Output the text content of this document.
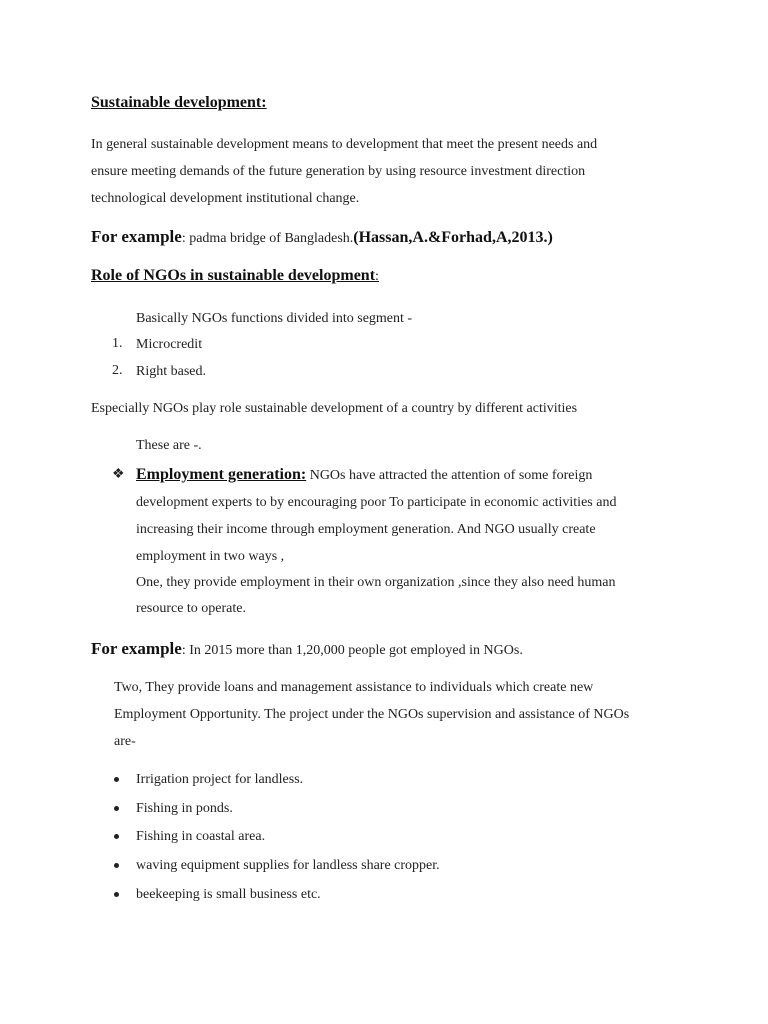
Sustainable development:
In general sustainable development means to development that meet the present needs and
ensure meeting demands of the future generation by using resource investment direction
technological development institutional change.
For example: padma bridge of Bangladesh.(Hassan,A.&Forhad,A,2013.)
Role of NGOs in sustainable development:
Basically NGOs functions divided into segment -
1. Microcredit
2. Right based.
Especially NGOs play role sustainable development of a country by different activities
These are -.
❖ Employment generation: NGOs have attracted the attention of some foreign
development experts to by encouraging poor To participate in economic activities and
increasing their income through employment generation. And NGO usually create
employment in two ways ,
One, they provide employment in their own organization ,since they also need human
resource to operate.
For example: In 2015 more than 1,20,000 people got employed in NGOs.
Two, They provide loans and management assistance to individuals which create new
Employment Opportunity. The project under the NGOs supervision and assistance of NGOs
are-
Irrigation project for landless.
Fishing in ponds.
Fishing in coastal area.
waving equipment supplies for landless share cropper.
beekeeping is small business etc.
